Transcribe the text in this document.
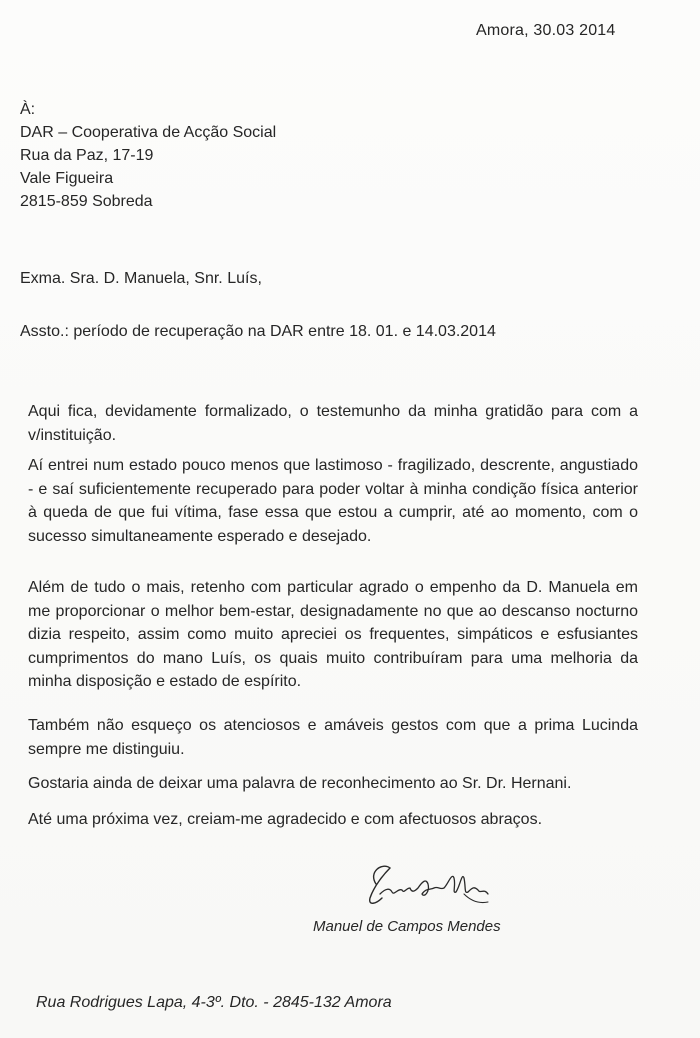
Amora, 30.03 2014
À:
DAR – Cooperativa de Acção Social
Rua da Paz, 17-19
Vale Figueira
2815-859 Sobreda
Exma. Sra. D. Manuela, Snr. Luís,
Assto.: período de recuperação na DAR entre 18. 01. e 14.03.2014
Aqui fica, devidamente formalizado, o testemunho da minha gratidão para com a v/instituição.
Aí entrei num estado pouco menos que lastimoso - fragilizado, descrente, angustiado - e saí suficientemente recuperado para poder voltar à minha condição física anterior à queda de que fui vítima, fase essa que estou a cumprir, até ao momento, com o sucesso simultaneamente esperado e desejado.
Além de tudo o mais, retenho com particular agrado o empenho da D. Manuela em me proporcionar o melhor bem-estar, designadamente no que ao descanso nocturno dizia respeito, assim como muito apreciei os frequentes, simpáticos e esfusiantes cumprimentos do mano Luís, os quais muito contribuíram para uma melhoria da minha disposição e estado de espírito.
Também não esqueço os atenciosos e amáveis gestos com que a prima Lucinda sempre me distinguiu.
Gostaria ainda de deixar uma palavra de reconhecimento ao Sr. Dr. Hernani.
Até uma próxima vez, creiam-me agradecido e com afectuosos abraços.
Manuel de Campos Mendes
Rua Rodrigues Lapa, 4-3º. Dto. - 2845-132 Amora
